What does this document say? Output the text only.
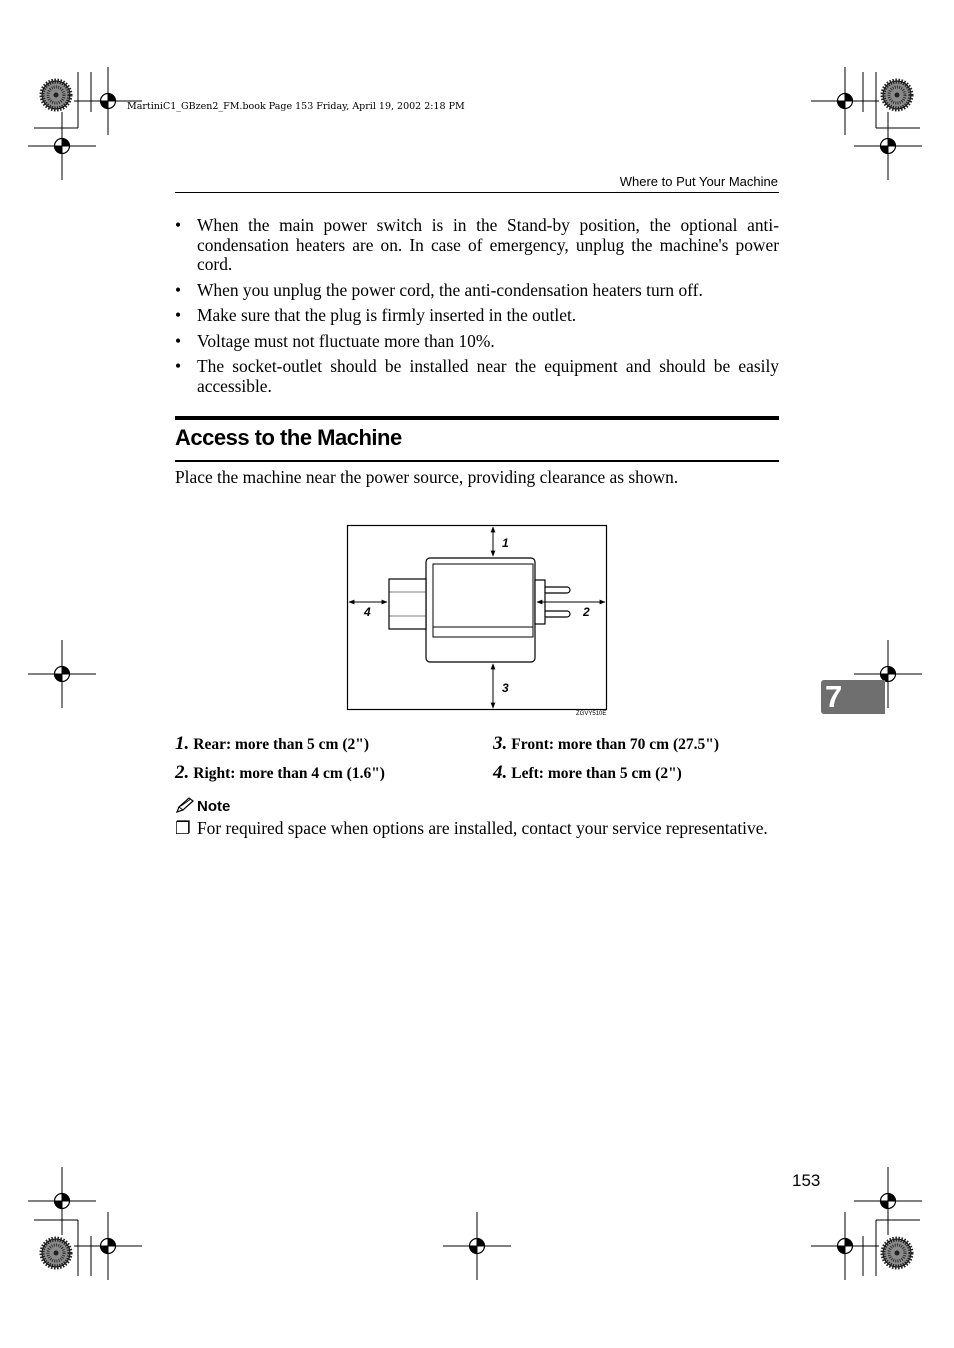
MartiniC1_GBzen2_FM.book Page 153 Friday, April 19, 2002 2:18 PM
Where to Put Your Machine
• When the main power switch is in the Stand-by position, the optional anti-condensation heaters are on. In case of emergency, unplug the machine's power cord.
• When you unplug the power cord, the anti-condensation heaters turn off.
• Make sure that the plug is firmly inserted in the outlet.
• Voltage must not fluctuate more than 10%.
• The socket-outlet should be installed near the equipment and should be easily accessible.
Access to the Machine
Place the machine near the power source, providing clearance as shown.
1
2
3
4
ZGVY510E
1. Rear: more than 5 cm (2")
2. Right: more than 4 cm (1.6")
3. Front: more than 70 cm (27.5")
4. Left: more than 5 cm (2")
Note
❐ For required space when options are installed, contact your service representative.
7
153
